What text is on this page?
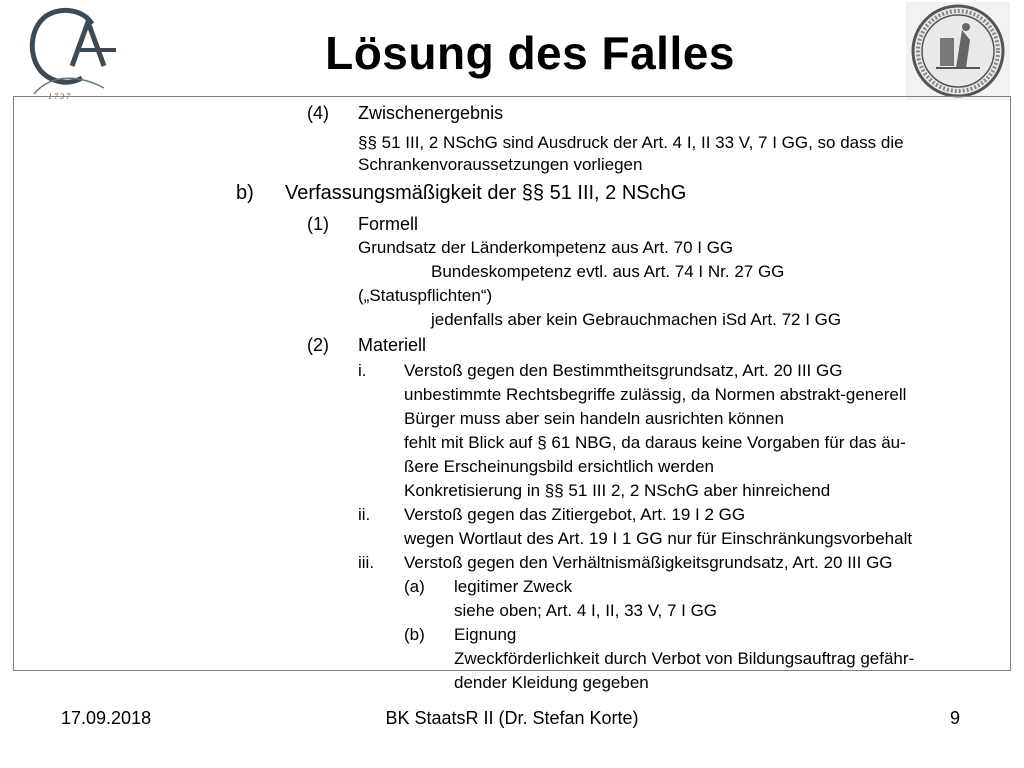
1 7 3 7
Lösung des Falles
(4) Zwischenergebnis
§§ 51 III, 2 NSchG sind Ausdruck der Art. 4 I, II 33 V, 7 I GG, so dass die
Schrankenvoraussetzungen vorliegen
b) Verfassungsmäßigkeit der §§ 51 III, 2 NSchG
(1) Formell
Grundsatz der Länderkompetenz aus Art. 70 I GG
Bundeskompetenz evtl. aus Art. 74 I Nr. 27 GG
(„Statuspflichten“)
jedenfalls aber kein Gebrauchmachen iSd Art. 72 I GG
(2) Materiell
i. Verstoß gegen den Bestimmtheitsgrundsatz, Art. 20 III GG
unbestimmte Rechtsbegriffe zulässig, da Normen abstrakt-generell
Bürger muss aber sein handeln ausrichten können
fehlt mit Blick auf § 61 NBG, da daraus keine Vorgaben für das äu-
ßere Erscheinungsbild ersichtlich werden
Konkretisierung in §§ 51 III 2, 2 NSchG aber hinreichend
ii. Verstoß gegen das Zitiergebot, Art. 19 I 2 GG
wegen Wortlaut des Art. 19 I 1 GG nur für Einschränkungsvorbehalt
iii. Verstoß gegen den Verhältnismäßigkeitsgrundsatz, Art. 20 III GG
(a) legitimer Zweck
siehe oben; Art. 4 I, II, 33 V, 7 I GG
(b) Eignung
Zweckförderlichkeit durch Verbot von Bildungsauftrag gefähr-
dender Kleidung gegeben
17.09.2018	BK StaatsR II (Dr. Stefan Korte)	9
